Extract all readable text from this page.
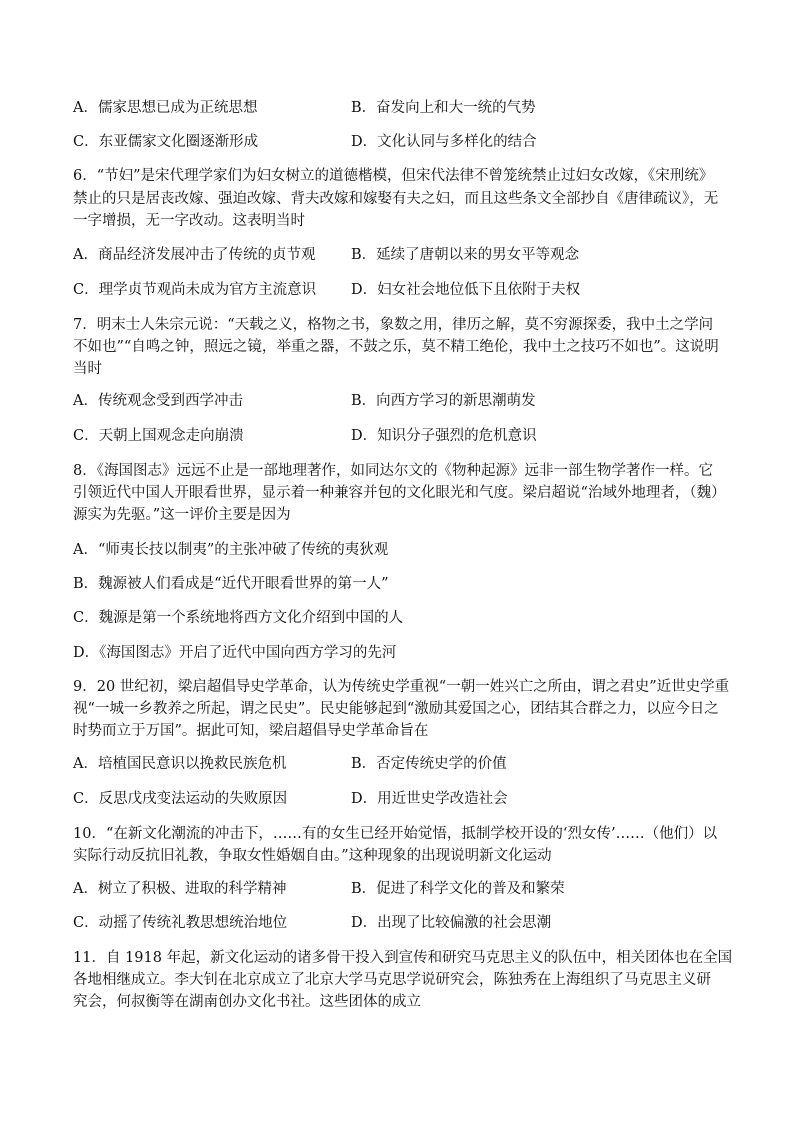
A．儒家思想已成为正统思想	B．奋发向上和大一统的气势
C．东亚儒家文化圈逐渐形成	D．文化认同与多样化的结合
6．“节妇”是宋代理学家们为妇女树立的道德楷模，但宋代法律不曾笼统禁止过妇女改嫁，《宋刑统》
禁止的只是居丧改嫁、强迫改嫁、背夫改嫁和嫁娶有夫之妇，而且这些条文全部抄自《唐律疏议》，无
一字增损，无一字改动。这表明当时
A．商品经济发展冲击了传统的贞节观 B．延续了唐朝以来的男女平等观念
C．理学贞节观尚未成为官方主流意识 D．妇女社会地位低下且依附于夫权
7．明末士人朱宗元说：“天载之义，格物之书，象数之用，律历之解，莫不穷源探委，我中土之学问
不如也”“自鸣之钟，照远之镜，举重之器，不鼓之乐，莫不精工绝伦，我中土之技巧不如也”。这说明
当时
A．传统观念受到西学冲击	B．向西方学习的新思潮萌发
C．天朝上国观念走向崩溃	D．知识分子强烈的危机意识
8．《海国图志》远远不止是一部地理著作，如同达尔文的《物种起源》远非一部生物学著作一样。它
引领近代中国人开眼看世界，显示着一种兼容并包的文化眼光和气度。梁启超说“治域外地理者，（魏）
源实为先驱。”这一评价主要是因为
A．“师夷长技以制夷”的主张冲破了传统的夷狄观
B．魏源被人们看成是“近代开眼看世界的第一人”
C．魏源是第一个系统地将西方文化介绍到中国的人
D．《海国图志》开启了近代中国向西方学习的先河
9．20 世纪初，梁启超倡导史学革命，认为传统史学重视“一朝一姓兴亡之所由，谓之君史”近世史学重
视“一城一乡教养之所起，谓之民史”。民史能够起到“激励其爱国之心，团结其合群之力，以应今日之
时势而立于万国”。据此可知，梁启超倡导史学革命旨在
A．培植国民意识以挽救民族危机	B．否定传统史学的价值
C．反思戊戌变法运动的失败原因	D．用近世史学改造社会
10．“在新文化潮流的冲击下，……有的女生已经开始觉悟，抵制学校开设的‘烈女传’……（他们）以
实际行动反抗旧礼教，争取女性婚姻自由。”这种现象的出现说明新文化运动
A．树立了积极、进取的科学精神	B．促进了科学文化的普及和繁荣
C．动摇了传统礼教思想统治地位	D．出现了比较偏激的社会思潮
11．自 1918 年起，新文化运动的诸多骨干投入到宣传和研究马克思主义的队伍中，相关团体也在全国
各地相继成立。李大钊在北京成立了北京大学马克思学说研究会，陈独秀在上海组织了马克思主义研
究会，何叔衡等在湖南创办文化书社。这些团体的成立
